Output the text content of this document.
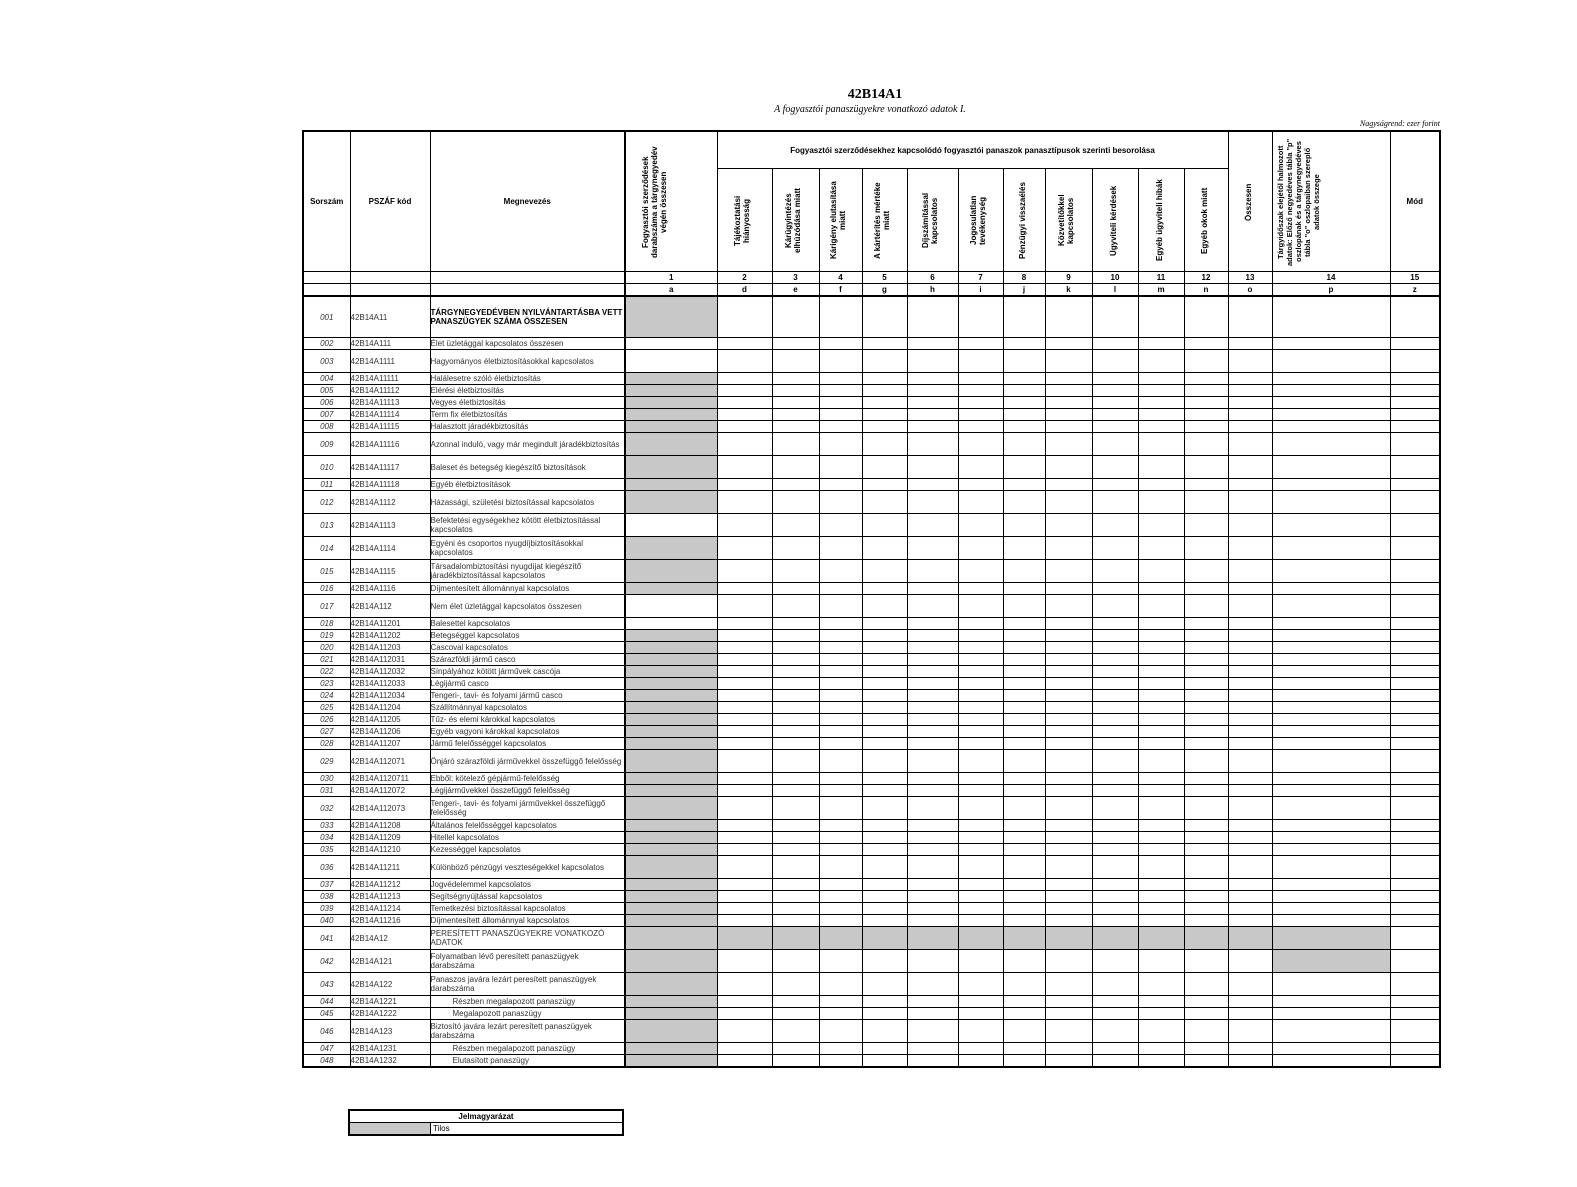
42B14A1
A fogyasztói panaszügyekre vonatkozó adatok I.
Nagyságrend: ezer forint
Sorszám	PSZÁF kód	Megnevezés	Fogyasztói szerződések darabszáma a tárgynegyedév végén összesen	Fogyasztói szerződésekhez kapcsolódó fogyasztói panaszok panasztípusok szerinti besorolása											Összesen	Tárgyidőszak elejétől halmozott adatok: Előző negyedéves tábla "p" oszlopának és a tárgynegyedéves tábla "o" oszlopaiban szereplő adatok összege	Mód

				Tájékoztatási hiányosság	Kárügyintézés elhúzódása miatt	Kárigény elutasítása miatt	A kártérítés mértéke miatt	Díjszámítással kapcsolatos	Jogosulatlan tevékenység	Pénzügyi visszaélés	Közvetítőkkel kapcsolatos	Ügyviteli kérdések	Egyéb ügyviteli hibák	Egyéb okok miatt			

			1	2	3	4	5	6	7	8	9	10	11	12	13	14	15
			a	d	e	f	g	h	i	j	k	l	m	n	o	p	z
001	42B14A11	TÁRGYNEGYEDÉVBEN NYILVÁNTARTÁSBA VETT PANASZÜGYEK SZÁMA ÖSSZESEN															
002	42B14A111	Élet üzletággal kapcsolatos összesen															
003	42B14A1111	Hagyományos életbiztosításokkal kapcsolatos															
004	42B14A11111	Halálesetre szóló életbiztosítás															
005	42B14A11112	Elérési életbiztosítás															
006	42B14A11113	Vegyes életbiztosítás															
007	42B14A11114	Term fix életbiztosítás															
008	42B14A11115	Halasztott járadékbiztosítás															
009	42B14A11116	Azonnal induló, vagy már megindult járadékbiztosítás															
010	42B14A11117	Baleset és betegség kiegészítő biztosítások															
011	42B14A11118	Egyéb életbiztosítások															
012	42B14A1112	Házassági, születési biztosítással kapcsolatos															
013	42B14A1113	Befektetési egységekhez kötött életbiztosítással kapcsolatos															
014	42B14A1114	Egyéni és csoportos nyugdíjbiztosításokkal kapcsolatos															
015	42B14A1115	Társadalombiztosítási nyugdíjat kiegészítő járadékbiztosítással kapcsolatos															
016	42B14A1116	Díjmentesített állománnyal kapcsolatos															
017	42B14A112	Nem élet üzletággal kapcsolatos összesen															
018	42B14A11201	Balesettel kapcsolatos															
019	42B14A11202	Betegséggel kapcsolatos															
020	42B14A11203	Cascoval kapcsolatos															
021	42B14A112031	Szárazföldi jármű casco															
022	42B14A112032	Sínpályához kötött járművek cascója															
023	42B14A112033	Légijármű casco															
024	42B14A112034	Tengeri-, tavi- és folyami jármű casco															
025	42B14A11204	Szállítmánnyal kapcsolatos															
026	42B14A11205	Tűz- és elemi károkkal kapcsolatos															
027	42B14A11206	Egyéb vagyoni károkkal kapcsolatos															
028	42B14A11207	Jármű felelősséggel kapcsolatos															
029	42B14A112071	Önjáró szárazföldi járművekkel összefüggő felelősség															
030	42B14A1120711	Ebből: kötelező gépjármű-felelősség															
031	42B14A112072	Légijárművekkel összefüggő felelősség															
032	42B14A112073	Tengeri-, tavi- és folyami járművekkel összefüggő felelősség															
033	42B14A11208	Általános felelősséggel kapcsolatos															
034	42B14A11209	Hitellel kapcsolatos															
035	42B14A11210	Kezességgel kapcsolatos															
036	42B14A11211	Különböző pénzügyi veszteségekkel kapcsolatos															
037	42B14A11212	Jogvédelemmel kapcsolatos															
038	42B14A11213	Segítségnyújtással kapcsolatos															
039	42B14A11214	Temetkezési biztosítással kapcsolatos															
040	42B14A11216	Díjmentesített állománnyal kapcsolatos															
041	42B14A12	PERESÍTETT PANASZÜGYEKRE VONATKOZÓ ADATOK															
042	42B14A121	Folyamatban lévő peresített panaszügyek darabszáma															
043	42B14A122	Panaszos javára lezárt peresített panaszügyek darabszáma															
044	42B14A1221	Részben megalapozott panaszügy															
045	42B14A1222	Megalapozott panaszügy															
046	42B14A123	Biztosító javára lezárt peresített panaszügyek darabszáma															
047	42B14A1231	Részben megalapozott panaszügy															
048	42B14A1232	Elutasított panaszügy															
Jelmagyarázat
	Tilos
